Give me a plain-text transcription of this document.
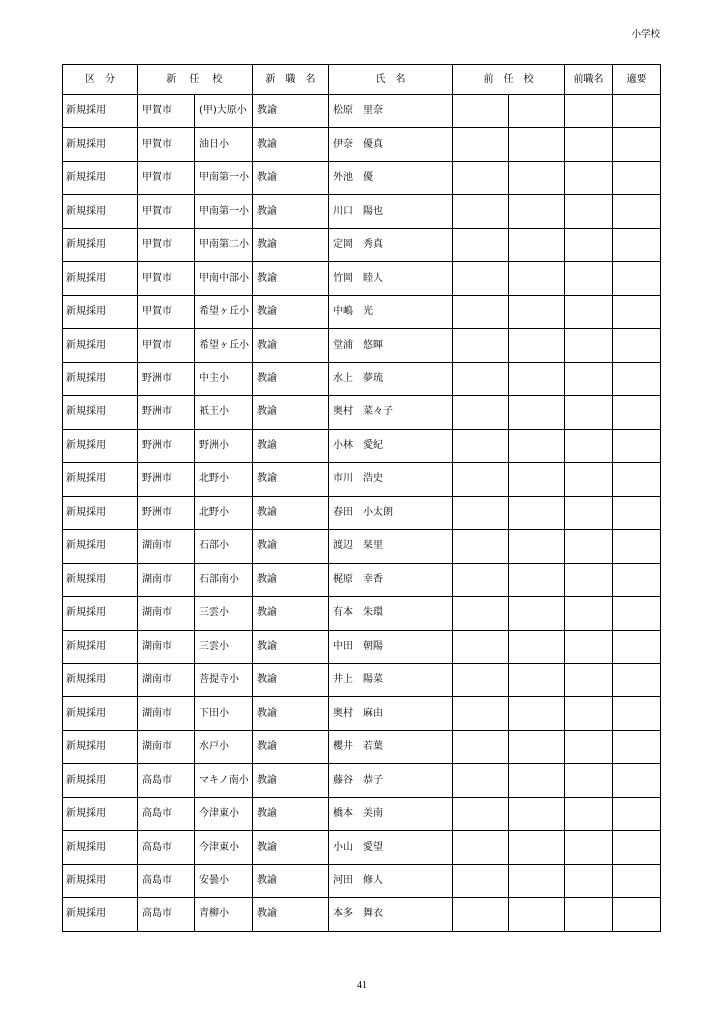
小学校
区　分	新　任　校		新　職　名	氏　名	前　任　校		前職名	適要
新規採用	甲賀市	(甲)大原小	教諭	松原　里奈				
新規採用	甲賀市	油日小	教諭	伊奈　優真				
新規採用	甲賀市	甲南第一小	教諭	外池　優				
新規採用	甲賀市	甲南第一小	教諭	川口　陽也				
新規採用	甲賀市	甲南第二小	教諭	定岡　秀真				
新規採用	甲賀市	甲南中部小	教諭	竹岡　睦人				
新規採用	甲賀市	希望ヶ丘小	教諭	中嶋　光				
新規採用	甲賀市	希望ヶ丘小	教諭	堂浦　悠暉				
新規採用	野洲市	中主小	教諭	水上　夢琉				
新規採用	野洲市	祇王小	教諭	奥村　菜々子				
新規採用	野洲市	野洲小	教諭	小林　愛紀				
新規採用	野洲市	北野小	教諭	市川　浩史				
新規採用	野洲市	北野小	教諭	春田　小太朗				
新規採用	湖南市	石部小	教諭	渡辺　栞里				
新規採用	湖南市	石部南小	教諭	梶原　幸香				
新規採用	湖南市	三雲小	教諭	有本　朱環				
新規採用	湖南市	三雲小	教諭	中田　朝陽				
新規採用	湖南市	菩提寺小	教諭	井上　陽菜				
新規採用	湖南市	下田小	教諭	奥村　麻由				
新規採用	湖南市	水戸小	教諭	櫻井　若葉				
新規採用	高島市	マキノ南小	教諭	藤谷　恭子				
新規採用	高島市	今津東小	教諭	橋本　美南				
新規採用	高島市	今津東小	教諭	小山　愛望				
新規採用	高島市	安曇小	教諭	河田　修人				
新規採用	高島市	青柳小	教諭	本多　舞衣				
41
